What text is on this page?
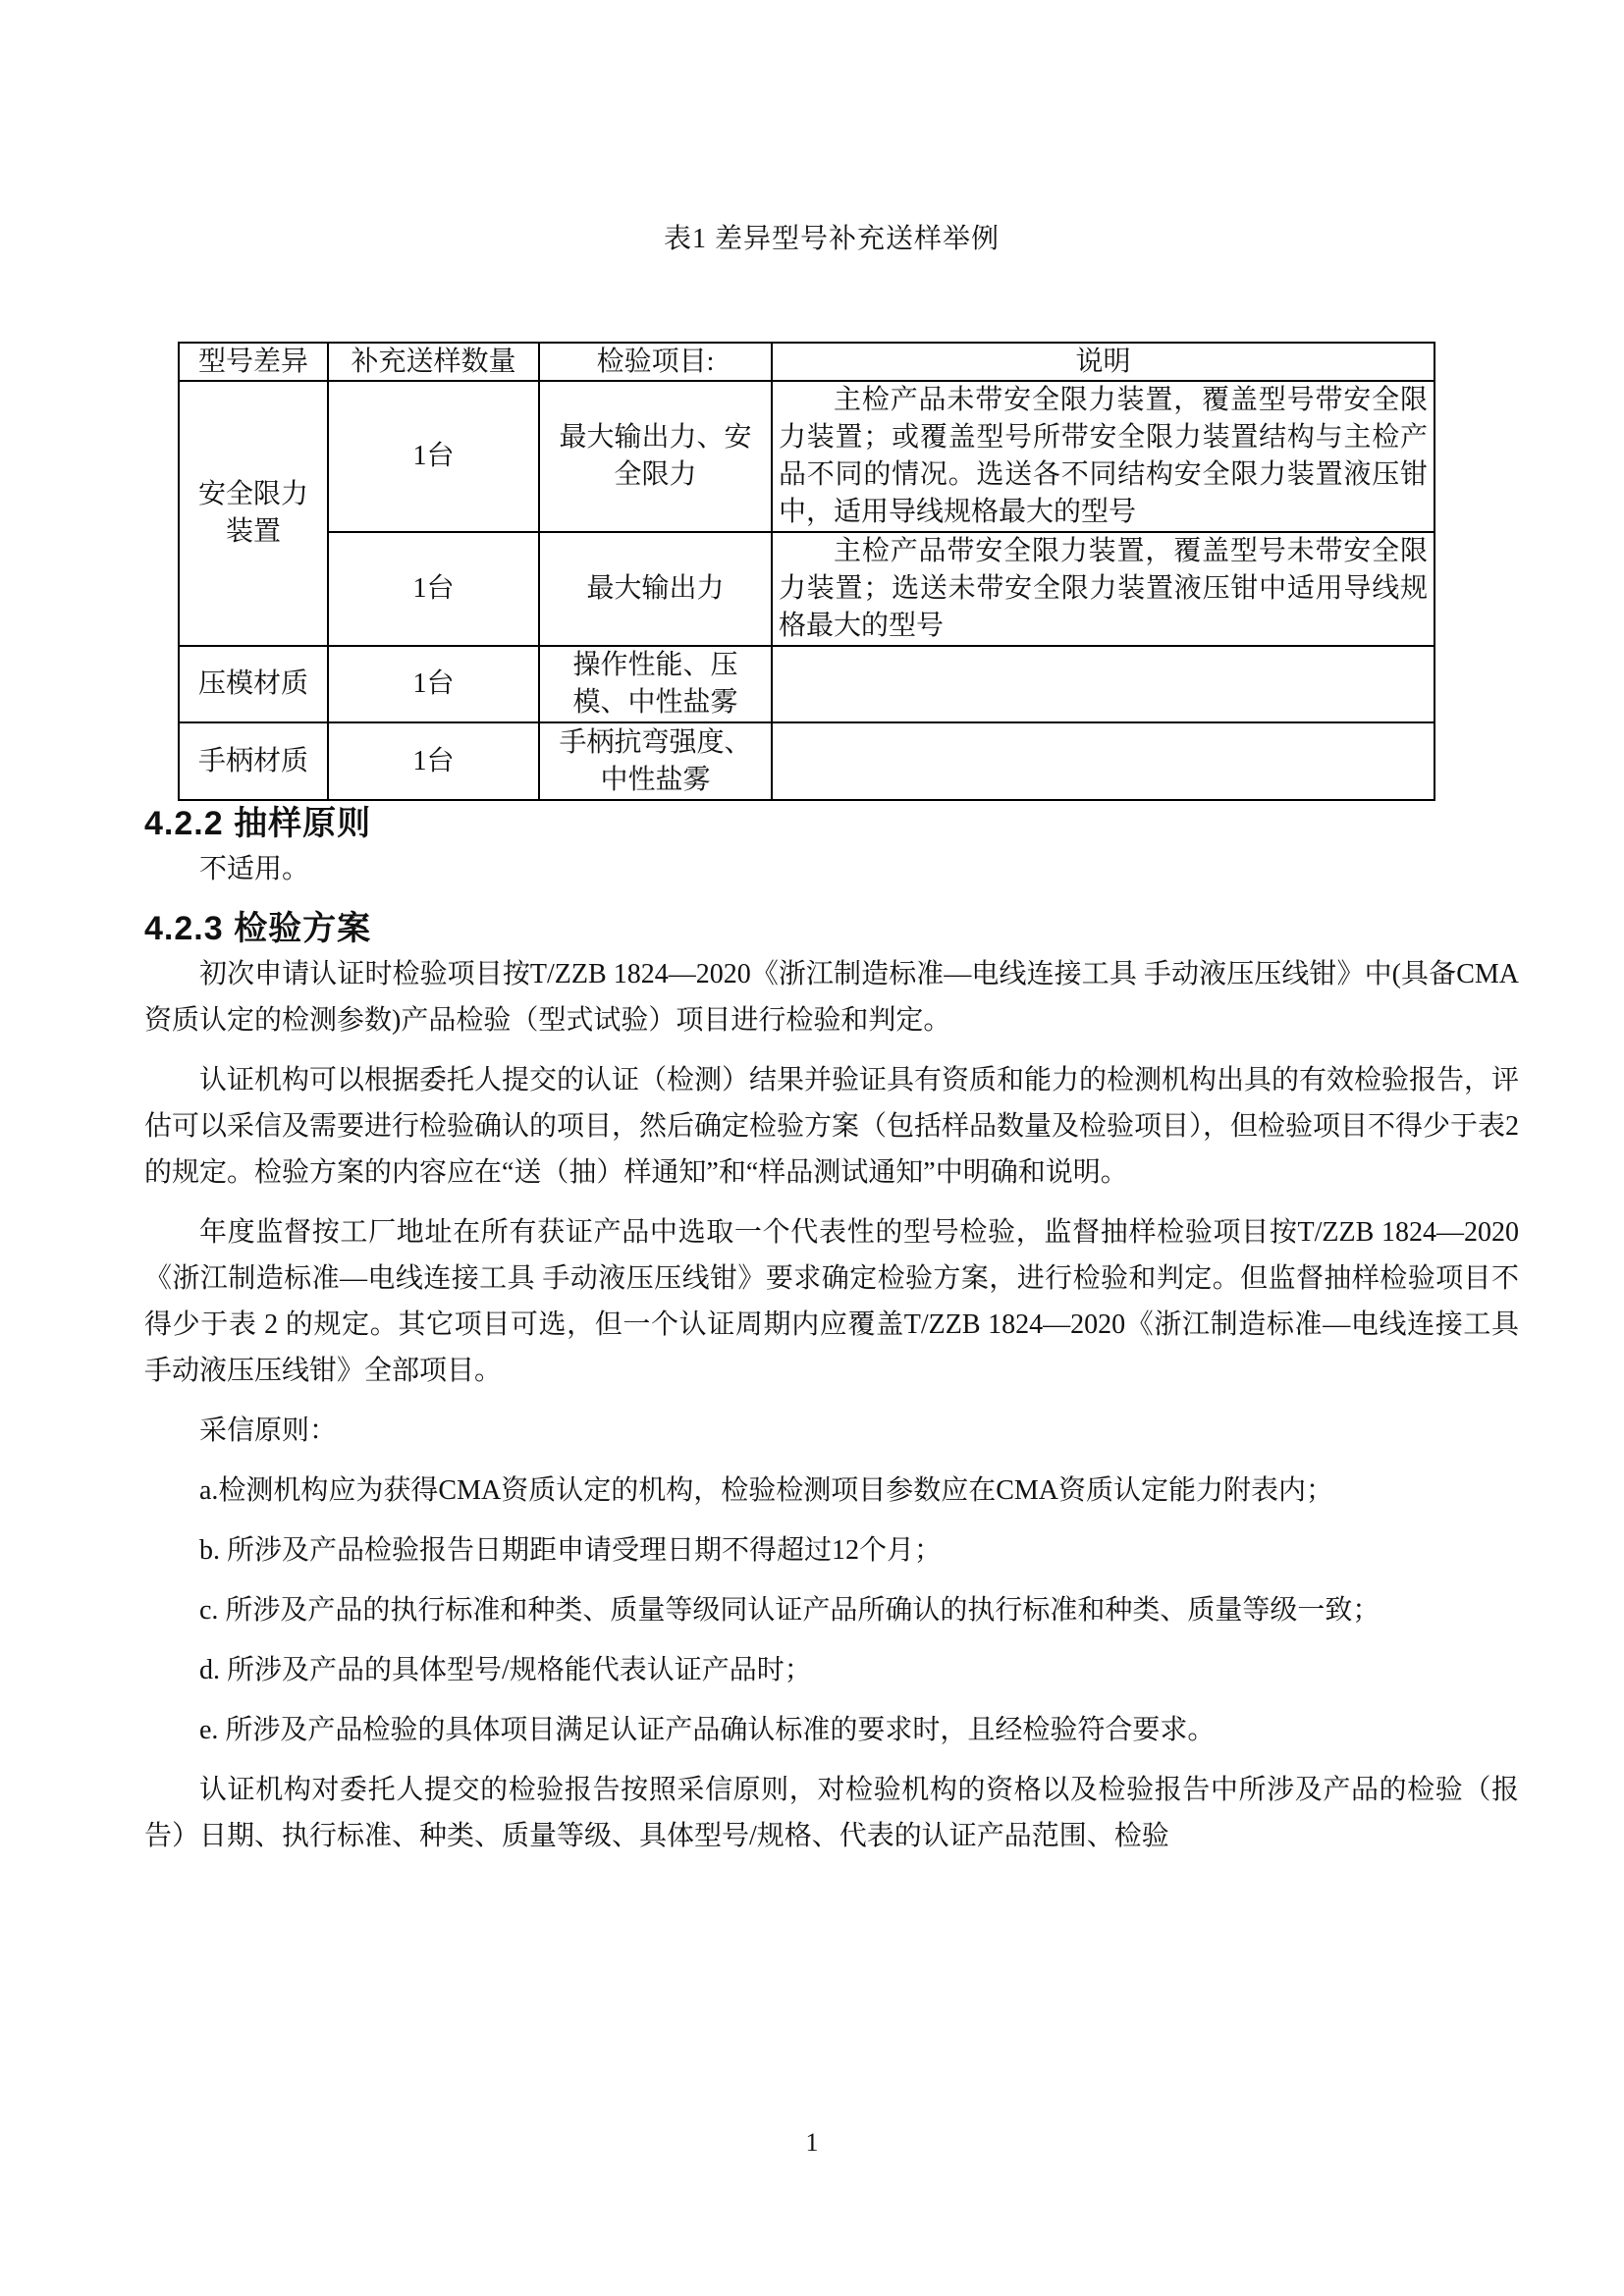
表1 差异型号补充送样举例
型号差异	补充送样数量	检验项目:	说明
安全限力装置	1台	最大输出力、安全限力	主检产品未带安全限力装置，覆盖型号带安全限力装置；或覆盖型号所带安全限力装置结构与主检产品不同的情况。选送各不同结构安全限力装置液压钳中，适用导线规格最大的型号
	1台	最大输出力	主检产品带安全限力装置，覆盖型号未带安全限力装置；选送未带安全限力装置液压钳中适用导线规格最大的型号
压模材质	1台	操作性能、压模、中性盐雾	
手柄材质	1台	手柄抗弯强度、中性盐雾	
4.2.2 抽样原则

不适用。

4.2.3 检验方案

初次申请认证时检验项目按T/ZZB 1824—2020《浙江制造标准—电线连接工具 手动液压压线钳》中(具备CMA资质认定的检测参数)产品检验（型式试验）项目进行检验和判定。

认证机构可以根据委托人提交的认证（检测）结果并验证具有资质和能力的检测机构出具的有效检验报告，评估可以采信及需要进行检验确认的项目，然后确定检验方案（包括样品数量及检验项目），但检验项目不得少于表2的规定。检验方案的内容应在“送（抽）样通知”和“样品测试通知”中明确和说明。

年度监督按工厂地址在所有获证产品中选取一个代表性的型号检验，监督抽样检验项目按T/ZZB 1824—2020《浙江制造标准—电线连接工具 手动液压压线钳》要求确定检验方案，进行检验和判定。但监督抽样检验项目不得少于表 2 的规定。其它项目可选，但一个认证周期内应覆盖T/ZZB 1824—2020《浙江制造标准—电线连接工具 手动液压压线钳》全部项目。

采信原则：

a.检测机构应为获得CMA资质认定的机构，检验检测项目参数应在CMA资质认定能力附表内；

b. 所涉及产品检验报告日期距申请受理日期不得超过12个月；

c. 所涉及产品的执行标准和种类、质量等级同认证产品所确认的执行标准和种类、质量等级一致；

d. 所涉及产品的具体型号/规格能代表认证产品时；

e. 所涉及产品检验的具体项目满足认证产品确认标准的要求时，且经检验符合要求。

认证机构对委托人提交的检验报告按照采信原则，对检验机构的资格以及检验报告中所涉及产品的检验（报告）日期、执行标准、种类、质量等级、具体型号/规格、代表的认证产品范围、检验

1
